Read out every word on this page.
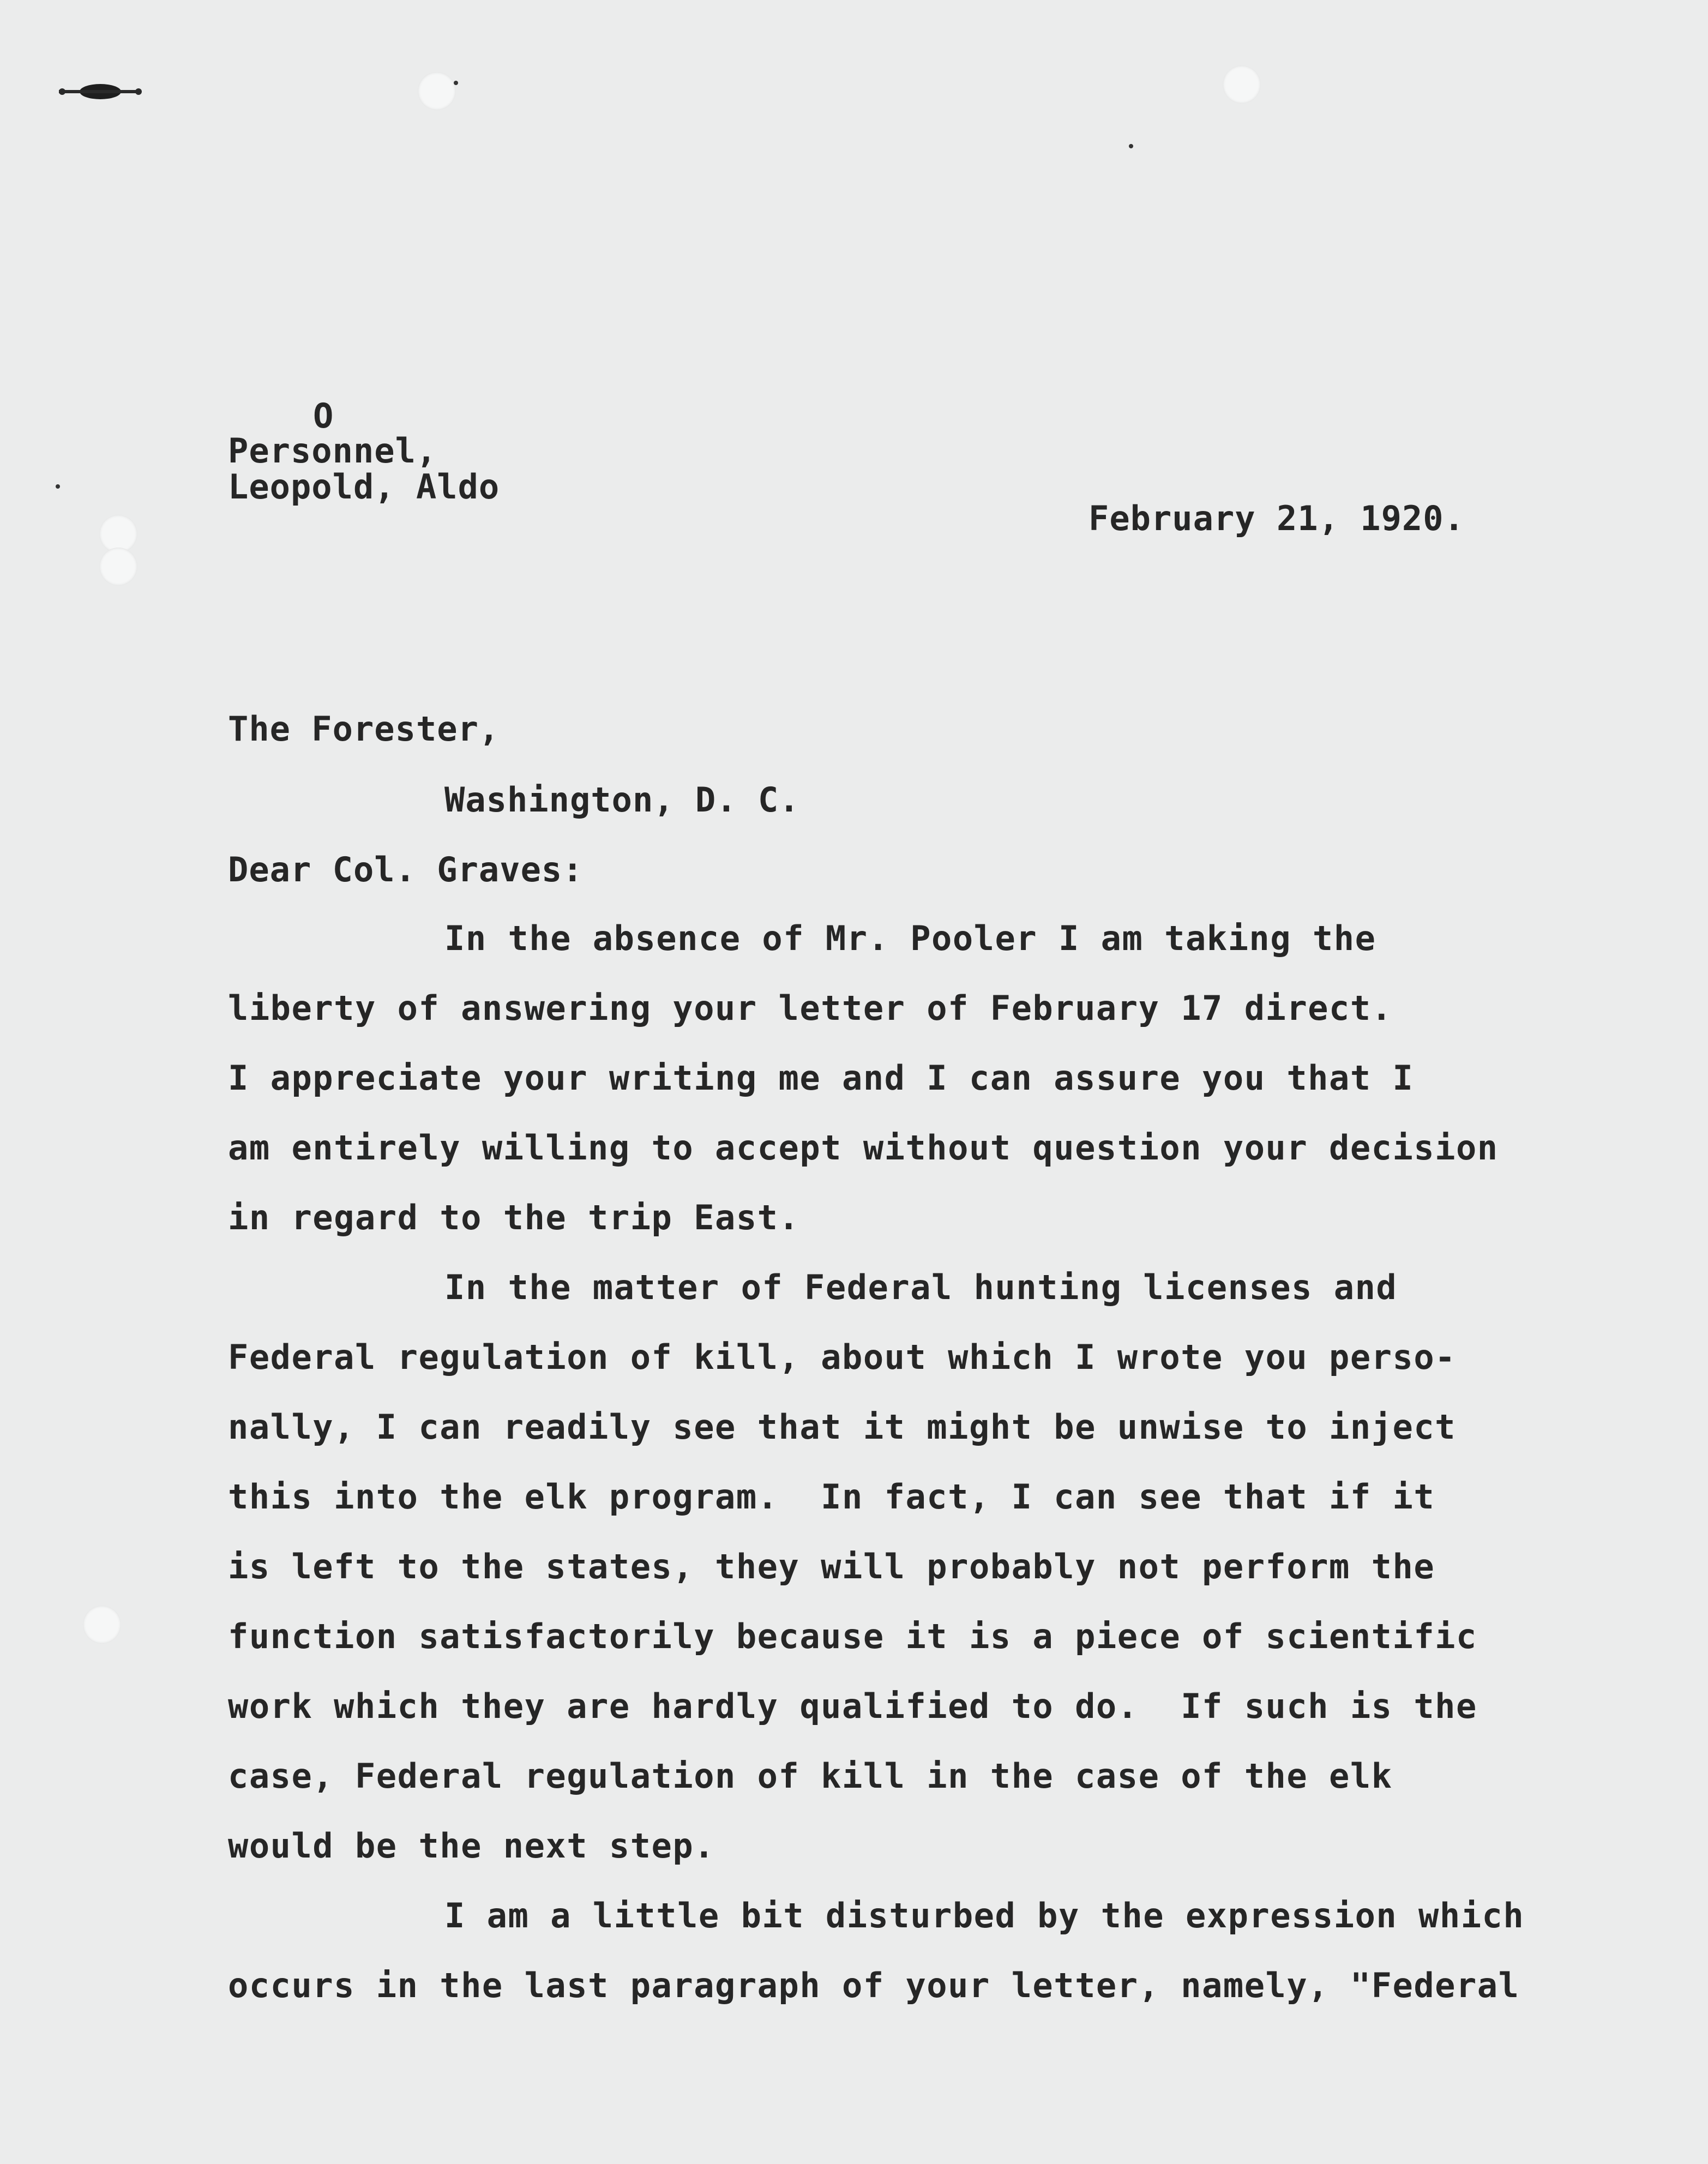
O
Personnel,
Leopold, Aldo
February 21, 1920.
The Forester,
Washington, D. C.
Dear Col. Graves:
In the absence of Mr. Pooler I am taking the
liberty of answering your letter of February 17 direct.
I appreciate your writing me and I can assure you that I
am entirely willing to accept without question your decision
in regard to the trip East.
In the matter of Federal hunting licenses and
Federal regulation of kill, about which I wrote you perso-
nally, I can readily see that it might be unwise to inject
this into the elk program.  In fact, I can see that if it
is left to the states, they will probably not perform the
function satisfactorily because it is a piece of scientific
work which they are hardly qualified to do.  If such is the
case, Federal regulation of kill in the case of the elk
would be the next step.
I am a little bit disturbed by the expression which
occurs in the last paragraph of your letter, namely, "Federal
